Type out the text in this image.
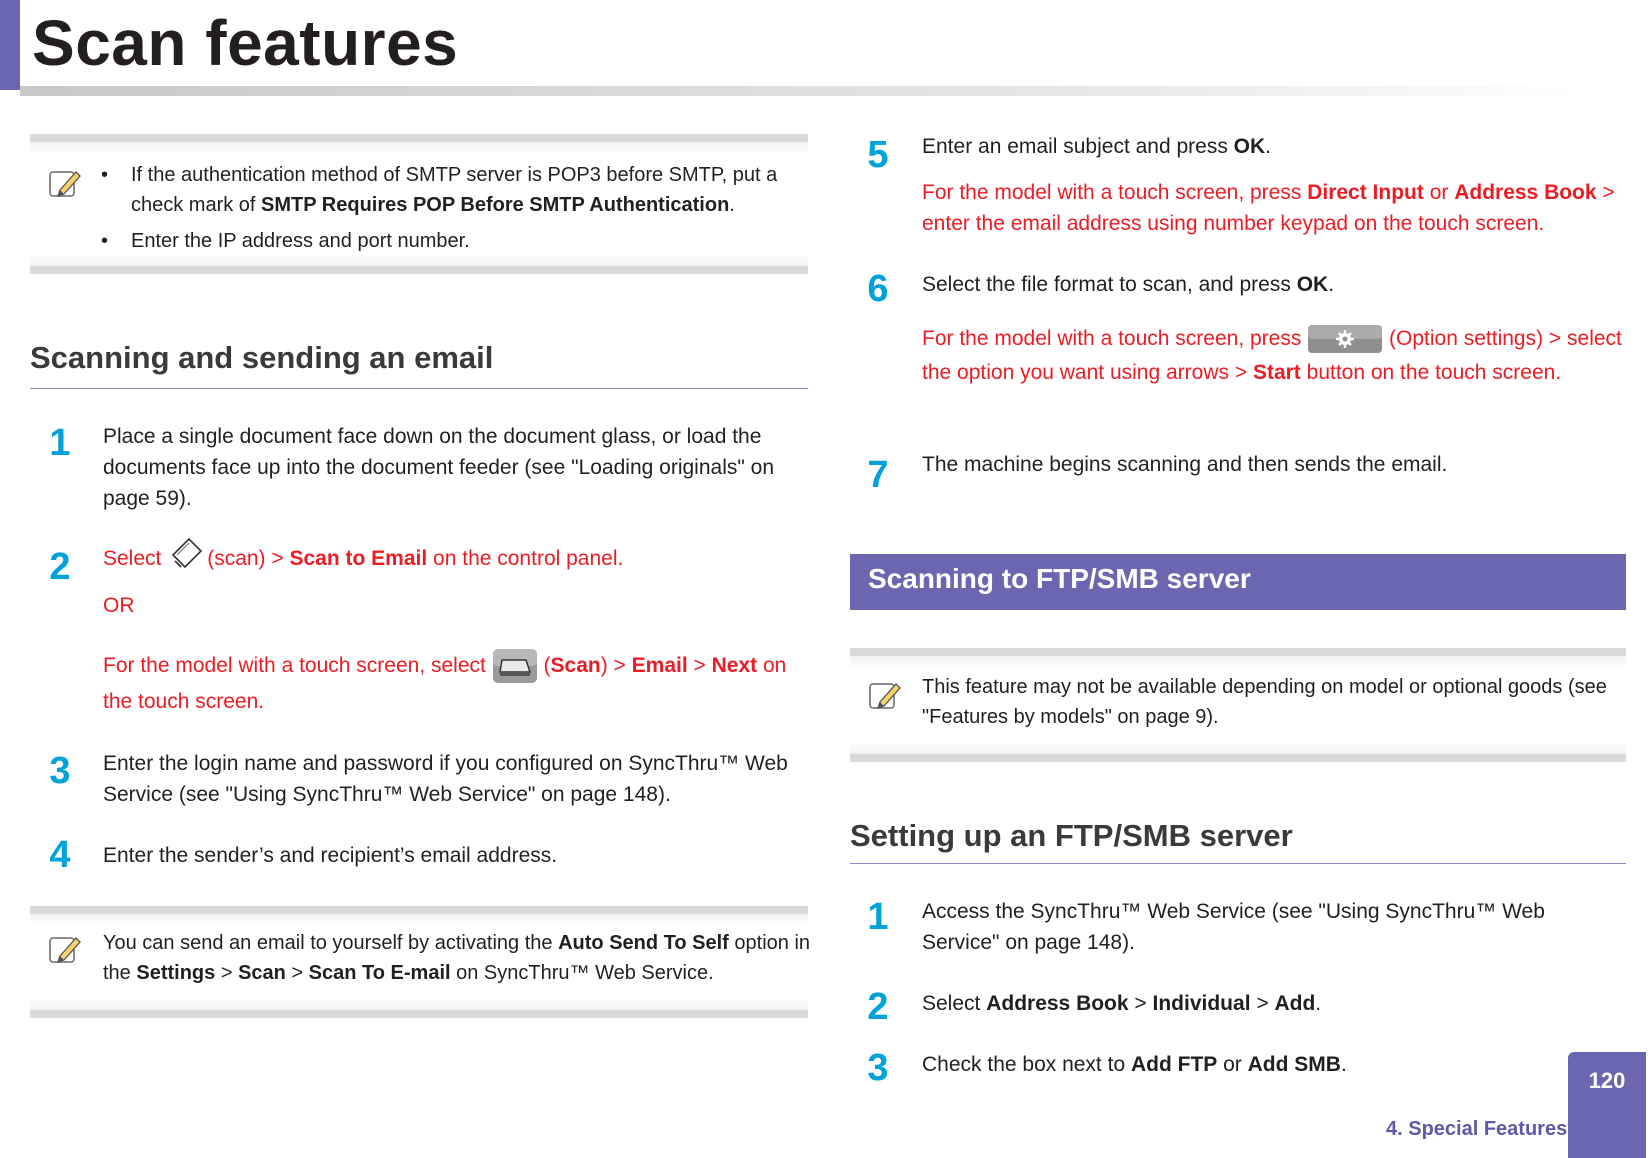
Scan features
• If the authentication method of SMTP server is POP3 before SMTP, put a check mark of SMTP Requires POP Before SMTP Authentication.
• Enter the IP address and port number.
Scanning and sending an email
1	Place a single document face down on the document glass, or load the documents face up into the document feeder (see "Loading originals" on page 59).
2	Select (scan) > Scan to Email on the control panel.
OR
For the model with a touch screen, select  (Scan) > Email > Next on the touch screen.
3	Enter the login name and password if you configured on SyncThru™ Web Service (see "Using SyncThru™ Web Service" on page 148).
4	Enter the sender’s and recipient’s email address.
You can send an email to yourself by activating the Auto Send To Self option in the Settings > Scan > Scan To E-mail on SyncThru™ Web Service.
5	Enter an email subject and press OK.
For the model with a touch screen, press Direct Input or Address Book > enter the email address using number keypad on the touch screen.
6	Select the file format to scan, and press OK.
For the model with a touch screen, press	(Option settings) > select the option you want using arrows > Start button on the touch screen.
7	The machine begins scanning and then sends the email.
Scanning to FTP/SMB server
This feature may not be available depending on model or optional goods (see "Features by models" on page 9).
Setting up an FTP/SMB server
1	Access the SyncThru™ Web Service (see "Using SyncThru™ Web Service" on page 148).
2	Select Address Book > Individual > Add.
3	Check the box next to Add FTP or Add SMB.
4. Special Features
120
